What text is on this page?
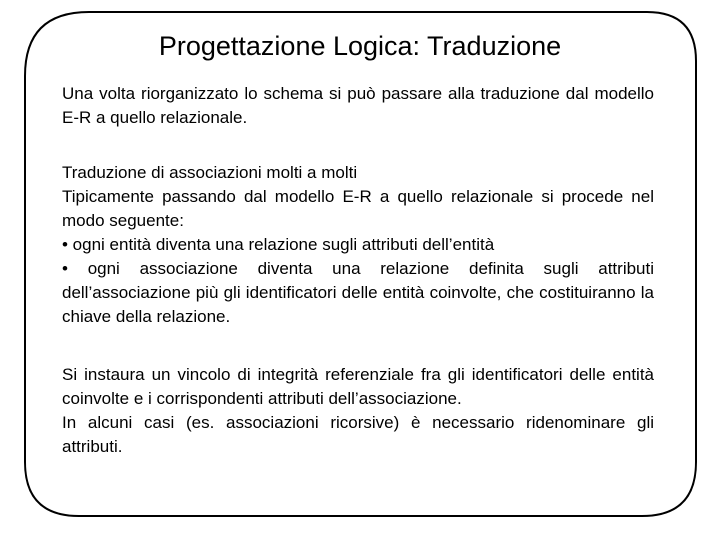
Progettazione Logica: Traduzione

Una volta riorganizzato lo schema si può passare alla traduzione dal modello E-R a quello relazionale.

Traduzione di associazioni molti a molti

Tipicamente passando dal modello E-R a quello relazionale si procede nel modo seguente:

• ogni entità diventa una relazione sugli attributi dell’entità

• ogni associazione diventa una relazione definita sugli attributi dell’associazione più gli identificatori delle entità coinvolte, che costituiranno la chiave della relazione.

Si instaura un vincolo di integrità referenziale fra gli identificatori delle entità coinvolte e i corrispondenti attributi dell’associazione.

In alcuni casi (es. associazioni ricorsive) è necessario ridenominare gli attributi.
